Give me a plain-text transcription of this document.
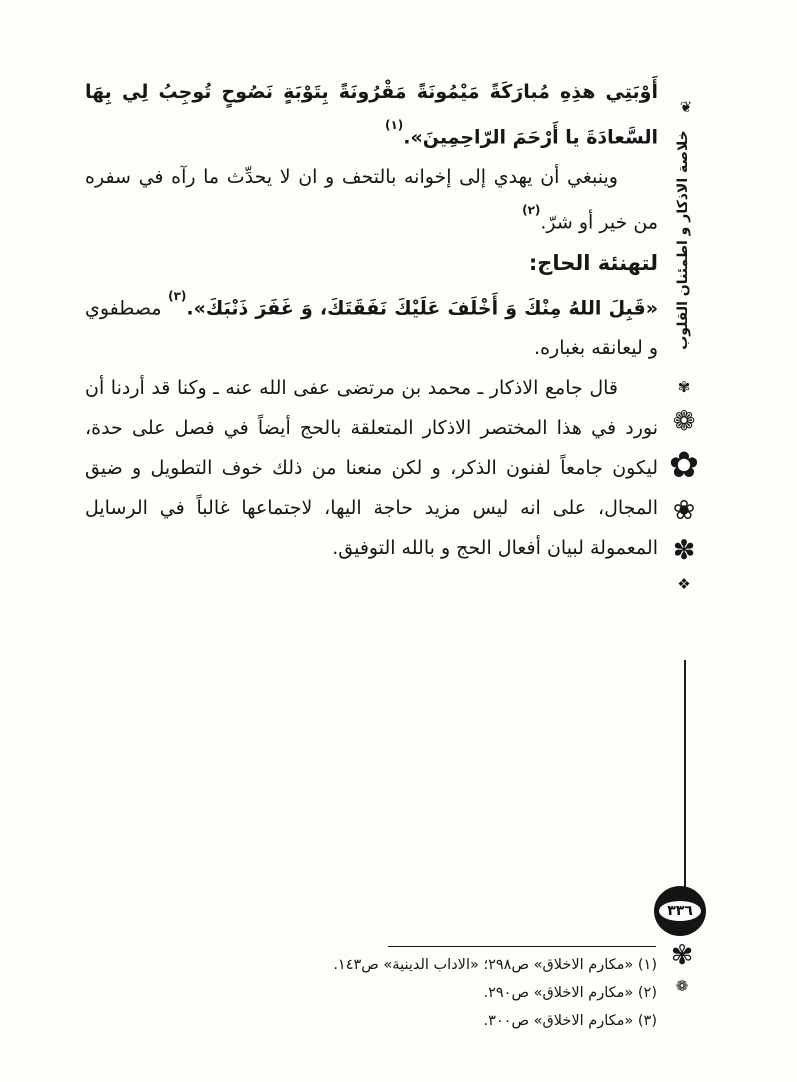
أَوْبَتِي هذِهِ مُبارَكَةً مَيْمُونَةً مَقْرُونَةً بِتَوْبَةٍ نَصُوحٍ تُوجِبُ لِي بِهَا السَّعادَةَ يا أَرْحَمَ الرّاحِمِينَ».$^{(١)}$

وينبغي أن يهدي إلى إخوانه بالتحف و ان لا يحدِّث ما رآه في سفره من خير أو شرّ.$^{(٢)}$

لتهنئة الحاج:

«قَبِلَ اللهُ مِنْكَ وَ أَخْلَفَ عَلَيْكَ نَفَقَتَكَ، وَ غَفَرَ ذَنْبَكَ».$^{(٣)}$ مصطفوي و ليعانقه بغباره.

قال جامع الاذكار ـ محمد بن مرتضى عفى الله عنه ـ وكنا قد أردنا أن نورد في هذا المختصر الاذكار المتعلقة بالحج أيضاً في فصل على حدة، ليكون جامعاً لفنون الذكر، و لكن منعنا من ذلك خوف التطويل و ضيق المجال، على انه ليس مزيد حاجة اليها، لاجتماعها غالباً في الرسايل المعمولة لبيان أفعال الحج و بالله التوفيق.

(١) «مكارم الاخلاق» ص٢٩٨؛ «الاداب الدينية» ص١٤٣.

(٢) «مكارم الاخلاق» ص٢٩٠.

(٣) «مكارم الاخلاق» ص٣٠٠.

❦
خلاصة الاذكار و اطمئنان القلوب
✾
❁
✿
❀
✽
❖
٣٣٦
✾
❁
